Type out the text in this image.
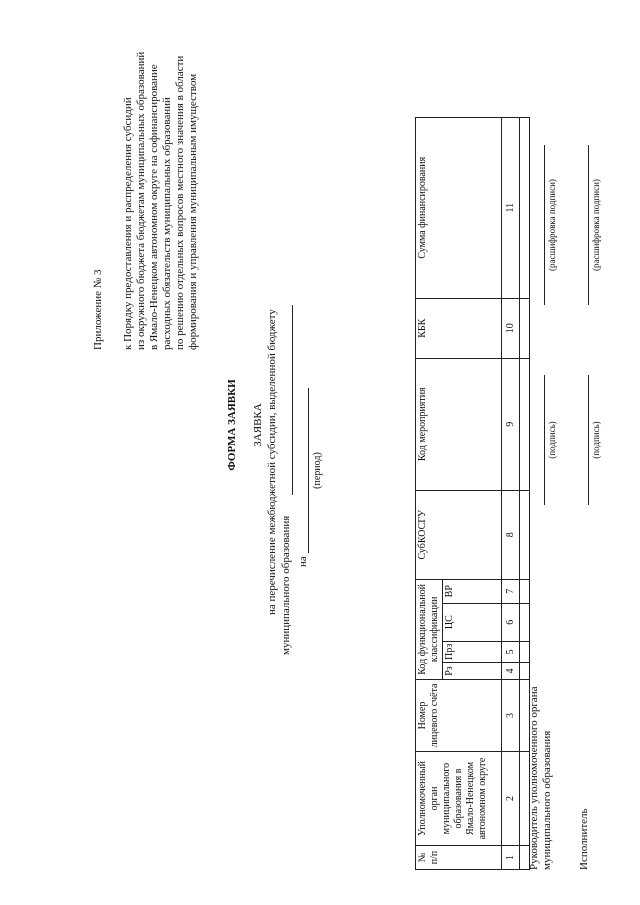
Приложение № 3 к Порядку предоставления и распределения субсидий из окружного бюджета бюджетам муниципальных образований в Ямало-Ненецком автономном округе на софинансирование расходных обязательств муниципальных образований по решению отдельных вопросов местного значения в области формирования и управления муниципальным имуществом
ФОРМА ЗАЯВКИ ЗАЯВКА на перечисление межбюджетной субсидии, выделенной бюджету муниципального образования на
(период)
№ п/п	Уполномоченный орган муниципального образования в Ямало-Ненецком автономном округе	Номер лицевого счёта	Код функциональной классификации				СубКОСГУ	Код мероприятия	КБК	Сумма финансирования
			Рз	Прз	ЦС	ВР				
1	2	3	4	5	6	7	8	9	10	11

Руководитель уполномоченного органа муниципального образования
(подпись)
(расшифровка подписи)
Исполнитель
(подпись)
(расшифровка подписи)
